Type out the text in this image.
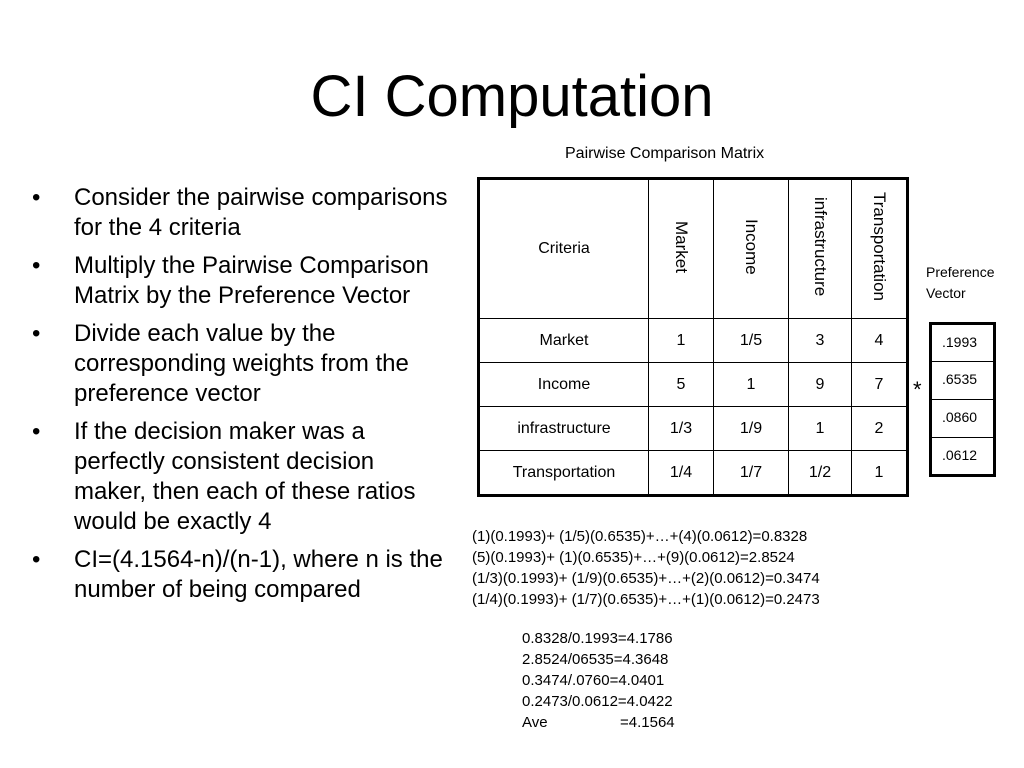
CI Computation
• Consider the pairwise comparisons for the 4 criteria
• Multiply the Pairwise Comparison Matrix by the Preference Vector
• Divide each value by the corresponding weights from the preference vector
• If the decision maker was a perfectly consistent decision maker, then each of these ratios would be exactly 4
• CI=(4.1564-n)/(n-1), where n is the number of being compared
Pairwise Comparison Matrix
Criteria	Market	Income	infrastructure	Transportation
Market	1	1/5	3	4
Income	5	1	9	7
infrastructure	1/3	1/9	1	2
Transportation	1/4	1/7	1/2	1
Preference
Vector
*
.1993
.6535
.0860
.0612
(1)(0.1993)+ (1/5)(0.6535)+…+(4)(0.0612)=0.8328
(5)(0.1993)+ (1)(0.6535)+…+(9)(0.0612)=2.8524
(1/3)(0.1993)+ (1/9)(0.6535)+…+(2)(0.0612)=0.3474
(1/4)(0.1993)+ (1/7)(0.6535)+…+(1)(0.0612)=0.2473
0.8328/0.1993=4.1786
2.8524/06535=4.3648
0.3474/.0760=4.0401
0.2473/0.0612=4.0422
Ave	=4.1564
